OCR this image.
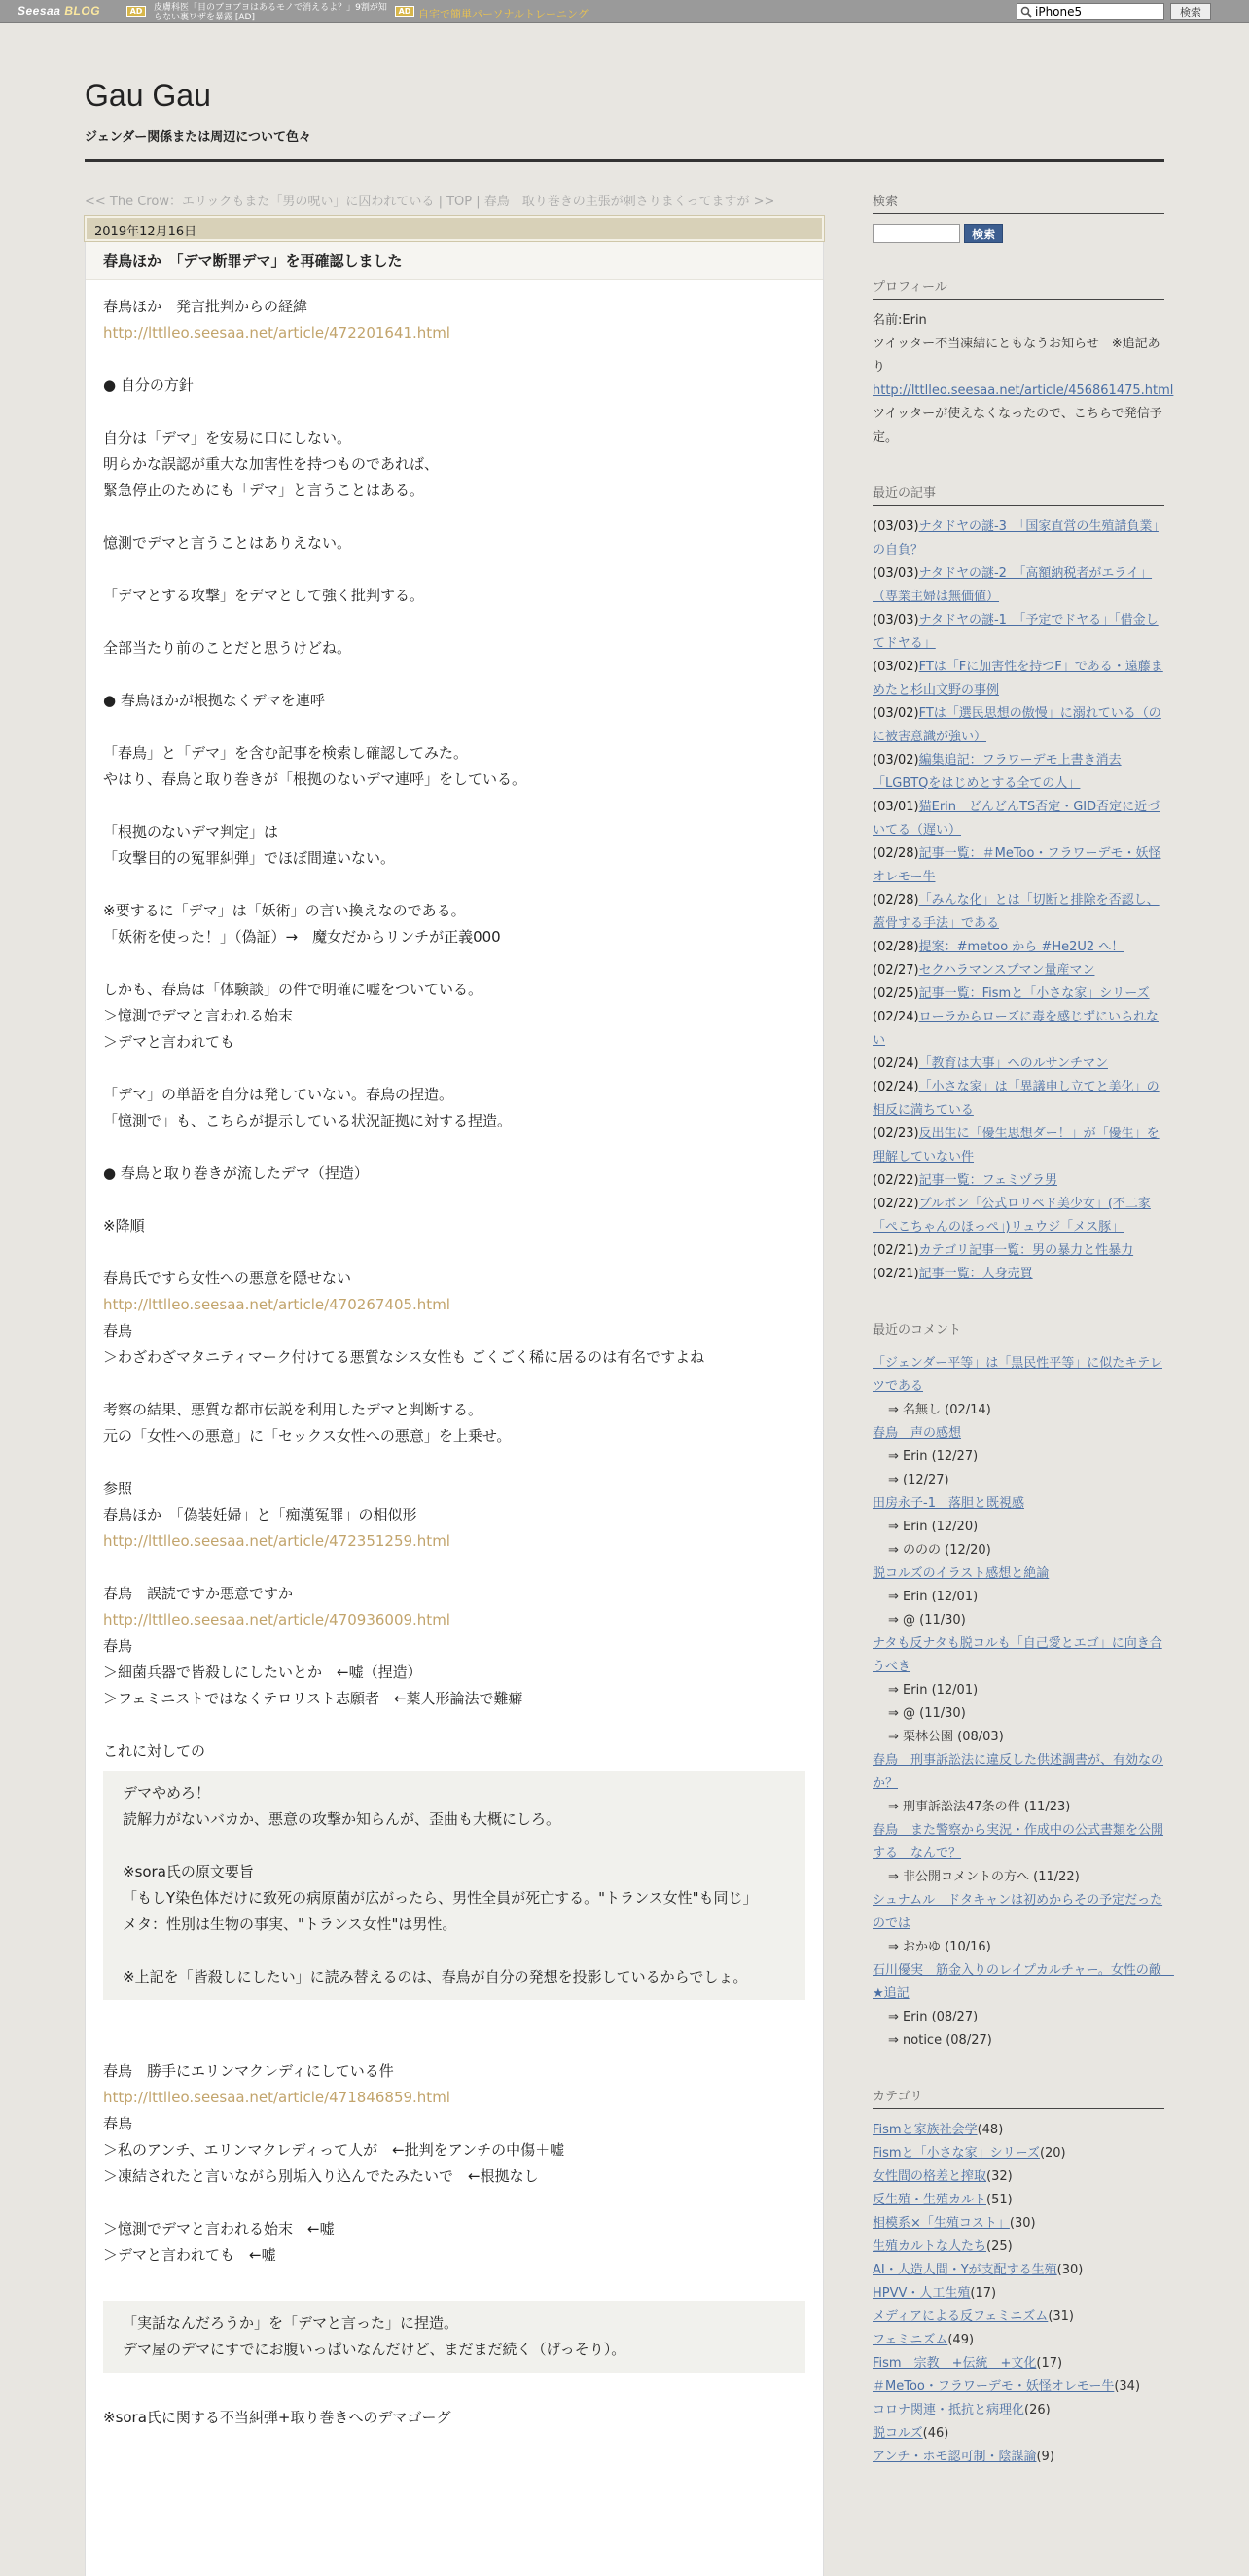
Seesaa BLOG	AD	皮膚科医「目のブヨブヨはあるモノで消えるよ？」9割が知らない裏ワザを暴露 [AD]
AD 自宅で簡単パーソナルトレーニング
iPhone5	検索
Gau Gau
ジェンダー関係または周辺について色々
<< The Crow：エリックもまた「男の呪い」に囚われている | TOP | 春鳥　取り巻きの主張が刺さりまくってますが >>
2019年12月16日
春鳥ほか　「デマ断罪デマ」を再確認しました
春鳥ほか　発言批判からの経緯
http://lttlleo.seesaa.net/article/472201641.html
● 自分の方針
自分は「デマ」を安易に口にしない。
明らかな誤認が重大な加害性を持つものであれば、
緊急停止のためにも「デマ」と言うことはある。
憶測でデマと言うことはありえない。
「デマとする攻撃」をデマとして強く批判する。
全部当たり前のことだと思うけどね。
● 春鳥ほかが根拠なくデマを連呼
「春鳥」と「デマ」を含む記事を検索し確認してみた。
やはり、春鳥と取り巻きが「根拠のないデマ連呼」をしている。
「根拠のないデマ判定」は
「攻撃目的の冤罪糾弾」でほぼ間違いない。
※要するに「デマ」は「妖術」の言い換えなのである。
「妖術を使った！」（偽証）→　魔女だからリンチが正義000
しかも、春鳥は「体験談」の件で明確に嘘をついている。
＞憶測でデマと言われる始末
＞デマと言われても
「デマ」の単語を自分は発していない。春鳥の捏造。
「憶測で」も、こちらが提示している状況証拠に対する捏造。
● 春鳥と取り巻きが流したデマ（捏造）
※降順
春鳥氏ですら女性への悪意を隠せない
http://lttlleo.seesaa.net/article/470267405.html
春鳥
＞わざわざマタニティマーク付けてる悪質なシス女性も ごくごく稀に居るのは有名ですよね
考察の結果、悪質な都市伝説を利用したデマと判断する。
元の「女性への悪意」に「セックス女性への悪意」を上乗せ。
参照
春鳥ほか　「偽装妊婦」と「痴漢冤罪」の相似形
http://lttlleo.seesaa.net/article/472351259.html
春鳥　誤読ですか悪意ですか
http://lttlleo.seesaa.net/article/470936009.html
春鳥
＞細菌兵器で皆殺しにしたいとか　←嘘（捏造）
＞フェミニストではなくテロリスト志願者　←薬人形論法で難癖
これに対しての
デマやめろ！
読解力がないバカか、悪意の攻撃か知らんが、歪曲も大概にしろ。
※sora氏の原文要旨
「もしY染色体だけに致死の病原菌が広がったら、男性全員が死亡する。"トランス女性"も同じ」
メタ：性別は生物の事実、"トランス女性"は男性。
※上記を「皆殺しにしたい」に読み替えるのは、春鳥が自分の発想を投影しているからでしょ。
春鳥　勝手にエリンマクレディにしている件
http://lttlleo.seesaa.net/article/471846859.html
春鳥
＞私のアンチ、エリンマクレディって人が　←批判をアンチの中傷＋嘘
＞凍結されたと言いながら別垢入り込んでたみたいで　←根拠なし
＞憶測でデマと言われる始末　←嘘
＞デマと言われても　←嘘
「実話なんだろうか」を「デマと言った」に捏造。
デマ屋のデマにすでにお腹いっぱいなんだけど、まだまだ続く（げっそり）。
※sora氏に関する不当糾弾+取り巻きへのデマゴーグ
検索
検索
プロフィール
名前:Erin
ツイッター不当凍結にともなうお知らせ　※追記あり
http://lttlleo.seesaa.net/article/456861475.html
ツイッターが使えなくなったので、こちらで発信予定。
最近の記事
(03/03)ナタドヤの謎-3　「国家直営の生殖請負業」の自負？
(03/03)ナタドヤの謎-2　「高額納税者がエライ」（専業主婦は無価値）
(03/03)ナタドヤの謎-1　「予定でドヤる」「借金してドヤる」
(03/02)FTは「Fに加害性を持つF」である・遠藤まめたと杉山文野の事例
(03/02)FTは「選民思想の傲慢」に溺れている（のに被害意識が強い）
(03/02)編集追記：フラワーデモ上書き消去「LGBTQをはじめとする全ての人」
(03/01)猫Erin　どんどんTS否定・GID否定に近づいてる（遅い）
(02/28)記事一覧：＃MeToo・フラワーデモ・妖怪オレモー牛
(02/28)「みんな化」とは「切断と排除を否認し、蓋骨する手法」である
(02/28)提案：#metoo から #He2U2 へ！
(02/27)セクハラマンスプマン量産マン
(02/25)記事一覧：Fismと「小さな家」シリーズ
(02/24)ローラからローズに毒を感じずにいられない
(02/24)「教育は大事」へのルサンチマン
(02/24)「小さな家」は「異議申し立てと美化」の相反に満ちている
(02/23)反出生に「優生思想ダー！」が「優生」を理解していない件
(02/22)記事一覧：フェミヅラ男
(02/22)ブルボン「公式ロリペド美少女」(不二家「ぺこちゃんのほっぺ」)リュウジ「メス豚」
(02/21)カテゴリ記事一覧：男の暴力と性暴力
(02/21)記事一覧：人身売買
最近のコメント
「ジェンダー平等」は「黒民性平等」に似たキテレツである
⇒ 名無し (02/14)
春鳥　声の感想
⇒ Erin (12/27)
⇒ (12/27)
田房永子-1　落胆と既視感
⇒ Erin (12/20)
⇒ ののの (12/20)
脱コルズのイラスト感想と絶論
⇒ Erin (12/01)
⇒ @ (11/30)
ナタも反ナタも脱コルも「自己愛とエゴ」に向き合うべき
⇒ Erin (12/01)
⇒ @ (11/30)
⇒ 栗林公園 (08/03)
春鳥　刑事訴訟法に違反した供述調書が、有効なのか？
⇒ 刑事訴訟法47条の件 (11/23)
春鳥　また警察から実況・作成中の公式書類を公開する　なんで？
⇒ 非公開コメントの方へ (11/22)
シュナムル　ドタキャンは初めからその予定だったのでは
⇒ おかゆ (10/16)
石川優実　筋金入りのレイプカルチャー。女性の敵　★追記
⇒ Erin (08/27)
⇒ notice (08/27)
カテゴリ
Fismと家族社会学(48)
Fismと「小さな家」シリーズ(20)
女性間の格差と搾取(32)
反生殖・生殖カルト(51)
相模系×「生殖コスト」(30)
生殖カルトな人たち(25)
AI・人造人間・Yが支配する生殖(30)
HPVV・人工生殖(17)
メディアによる反フェミニズム(31)
フェミニズム(49)
Fism　宗教　+伝統　+文化(17)
＃MeToo・フラワーデモ・妖怪オレモー牛(34)
コロナ関連・抵抗と病理化(26)
脱コルズ(46)
アンチ・ホモ認可制・陰謀論(9)
